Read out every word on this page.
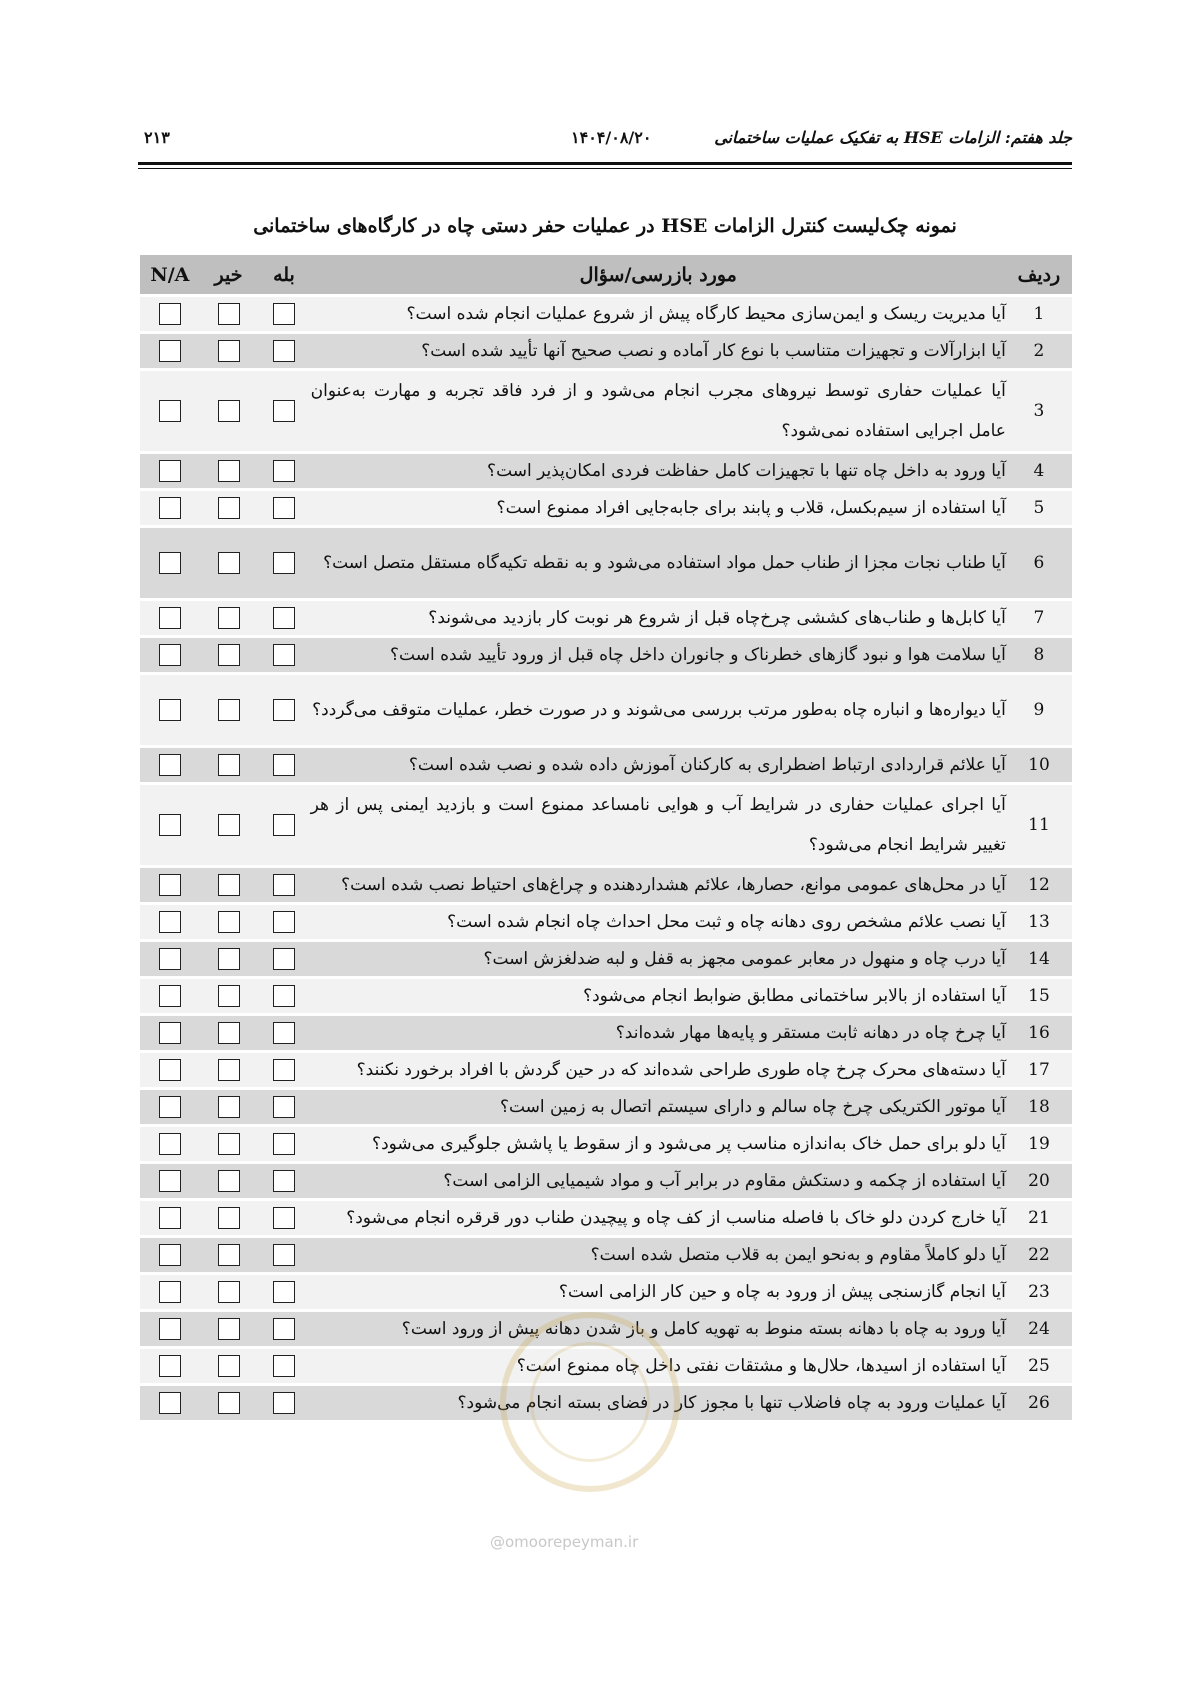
جلد هفتم: الزامات HSE به تفکیک عملیات ساختمانی
۱۴۰۴/۰۸/۲۰
۲۱۳
نمونه چک‌لیست کنترل الزامات HSE در عملیات حفر دستی چاه در کارگاه‌های ساختمانی
ردیف	مورد بازرسی/سؤال	بله	خیر	N/A
1	آیا مدیریت ریسک و ایمن‌سازی محیط کارگاه پیش از شروع عملیات انجام شده است؟			
2	آیا ابزارآلات و تجهیزات متناسب با نوع کار آماده و نصب صحیح آنها تأیید شده است؟			
3	آیا عملیات حفاری توسط نیروهای مجرب انجام می‌شود و از فرد فاقد تجربه و مهارت به‌عنوان عامل اجرایی استفاده نمی‌شود؟			
4	آیا ورود به داخل چاه تنها با تجهیزات کامل حفاظت فردی امکان‌پذیر است؟			
5	آیا استفاده از سیم‌بکسل، قلاب و پابند برای جابه‌جایی افراد ممنوع است؟			
6	آیا طناب نجات مجزا از طناب حمل مواد استفاده می‌شود و به نقطه تکیه‌گاه مستقل متصل است؟			
7	آیا کابل‌ها و طناب‌های کششی چرخ‌چاه قبل از شروع هر نوبت کار بازدید می‌شوند؟			
8	آیا سلامت هوا و نبود گازهای خطرناک و جانوران داخل چاه قبل از ورود تأیید شده است؟			
9	آیا دیواره‌ها و انباره چاه به‌طور مرتب بررسی می‌شوند و در صورت خطر، عملیات متوقف می‌گردد؟			
10	آیا علائم قراردادی ارتباط اضطراری به کارکنان آموزش داده شده و نصب شده است؟			
11	آیا اجرای عملیات حفاری در شرایط آب و هوایی نامساعد ممنوع است و بازدید ایمنی پس از هر تغییر شرایط انجام می‌شود؟			
12	آیا در محل‌های عمومی موانع، حصارها، علائم هشداردهنده و چراغ‌های احتیاط نصب شده است؟			
13	آیا نصب علائم مشخص روی دهانه چاه و ثبت محل احداث چاه انجام شده است؟			
14	آیا درب چاه و منهول در معابر عمومی مجهز به قفل و لبه ضدلغزش است؟			
15	آیا استفاده از بالابر ساختمانی مطابق ضوابط انجام می‌شود؟			
16	آیا چرخ چاه در دهانه ثابت مستقر و پایه‌ها مهار شده‌اند؟			
17	آیا دسته‌های محرک چرخ چاه طوری طراحی شده‌اند که در حین گردش با افراد برخورد نکنند؟			
18	آیا موتور الکتریکی چرخ چاه سالم و دارای سیستم اتصال به زمین است؟			
19	آیا دلو برای حمل خاک به‌اندازه مناسب پر می‌شود و از سقوط یا پاشش جلوگیری می‌شود؟			
20	آیا استفاده از چکمه و دستکش مقاوم در برابر آب و مواد شیمیایی الزامی است؟			
21	آیا خارج کردن دلو خاک با فاصله مناسب از کف چاه و پیچیدن طناب دور قرقره انجام می‌شود؟			
22	آیا دلو کاملاً مقاوم و به‌نحو ایمن به قلاب متصل شده است؟			
23	آیا انجام گازسنجی پیش از ورود به چاه و حین کار الزامی است؟			
24	آیا ورود به چاه با دهانه بسته منوط به تهویه کامل و باز شدن دهانه پیش از ورود است؟			
25	آیا استفاده از اسیدها، حلال‌ها و مشتقات نفتی داخل چاه ممنوع است؟			
26	آیا عملیات ورود به چاه فاضلاب تنها با مجوز کار در فضای بسته انجام می‌شود؟			
@omoorepeyman.ir
